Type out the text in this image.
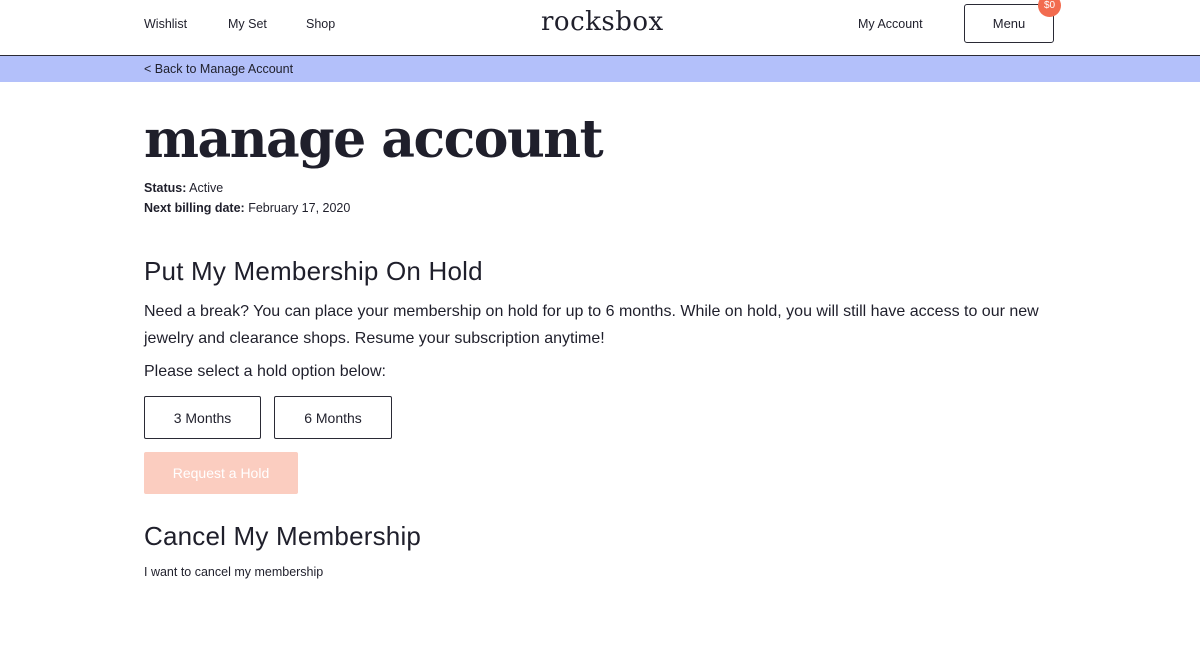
Wishlist	My Set	Shop	rocksbox	My Account	Menu
$0
< Back to Manage Account
manage account
Status: Active
Next billing date: February 17, 2020
Put My Membership On Hold

Need a break? You can place your membership on hold for up to 6 months. While on hold, you will still have access to our new jewelry and clearance shops. Resume your subscription anytime!

Please select a hold option below:
3 Months	6 Months
Request a Hold
Cancel My Membership
I want to cancel my membership
